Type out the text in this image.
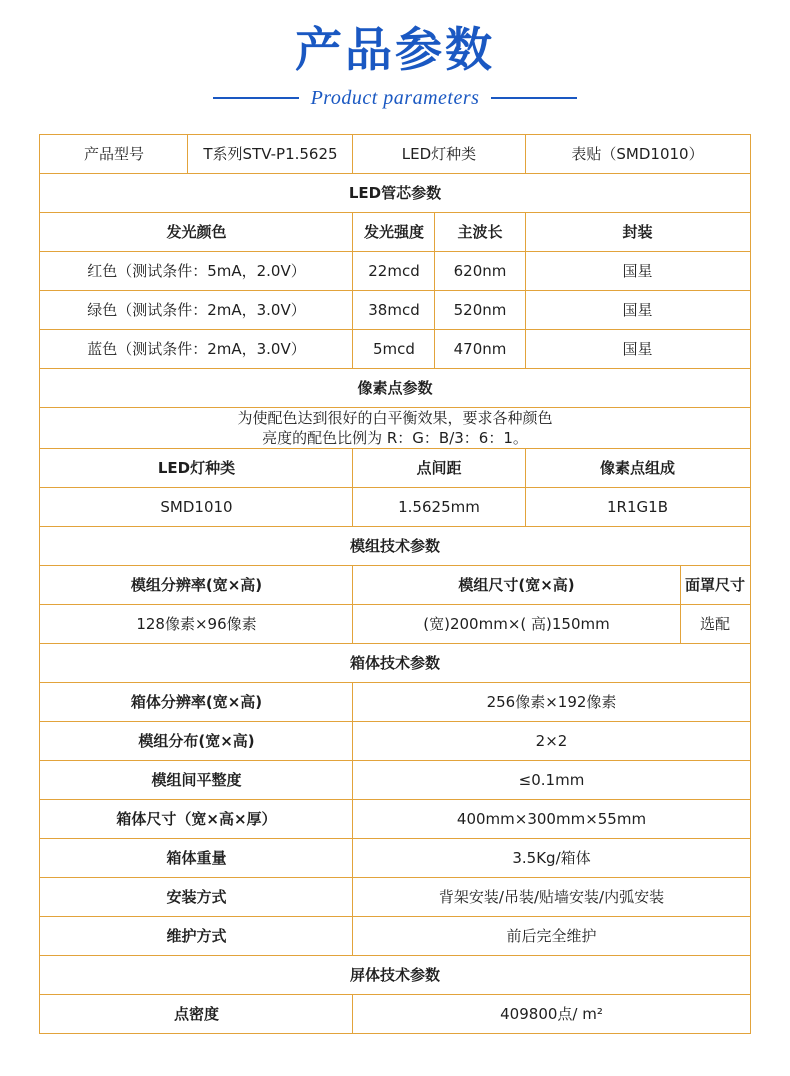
产品参数
Product parameters
产品型号	T系列STV-P1.5625	LED灯种类		表贴（SMD1010）	
LED管芯参数					
发光颜色		发光强度	主波长	封装	
红色（测试条件：5mA，2.0V）		22mcd	620nm	国星	
绿色（测试条件：2mA，3.0V）		38mcd	520nm	国星	
蓝色（测试条件：2mA，3.0V）		5mcd	470nm	国星	
像素点参数					

为使配色达到很好的白平衡效果，要求各种颜色
亮度的配色比例为 R：G：B/3：6：1。					

LED灯种类		点间距		像素点组成	
SMD1010		1.5625mm		1R1G1B	
模组技术参数					
模组分辨率(宽×高)		模组尺寸(宽×高)			面罩尺寸
128像素×96像素		(宽)200mm×( 高)150mm			选配
箱体技术参数					
箱体分辨率(宽×高)		256像素×192像素			
模组分布(宽×高)		2×2			
模组间平整度		≤0.1mm			
箱体尺寸（宽×高×厚）		400mm×300mm×55mm			
箱体重量		3.5Kg/箱体			
安装方式		背架安装/吊装/贴墙安装/内弧安装			
维护方式		前后完全维护			
屏体技术参数					
点密度		409800点/ m²			
